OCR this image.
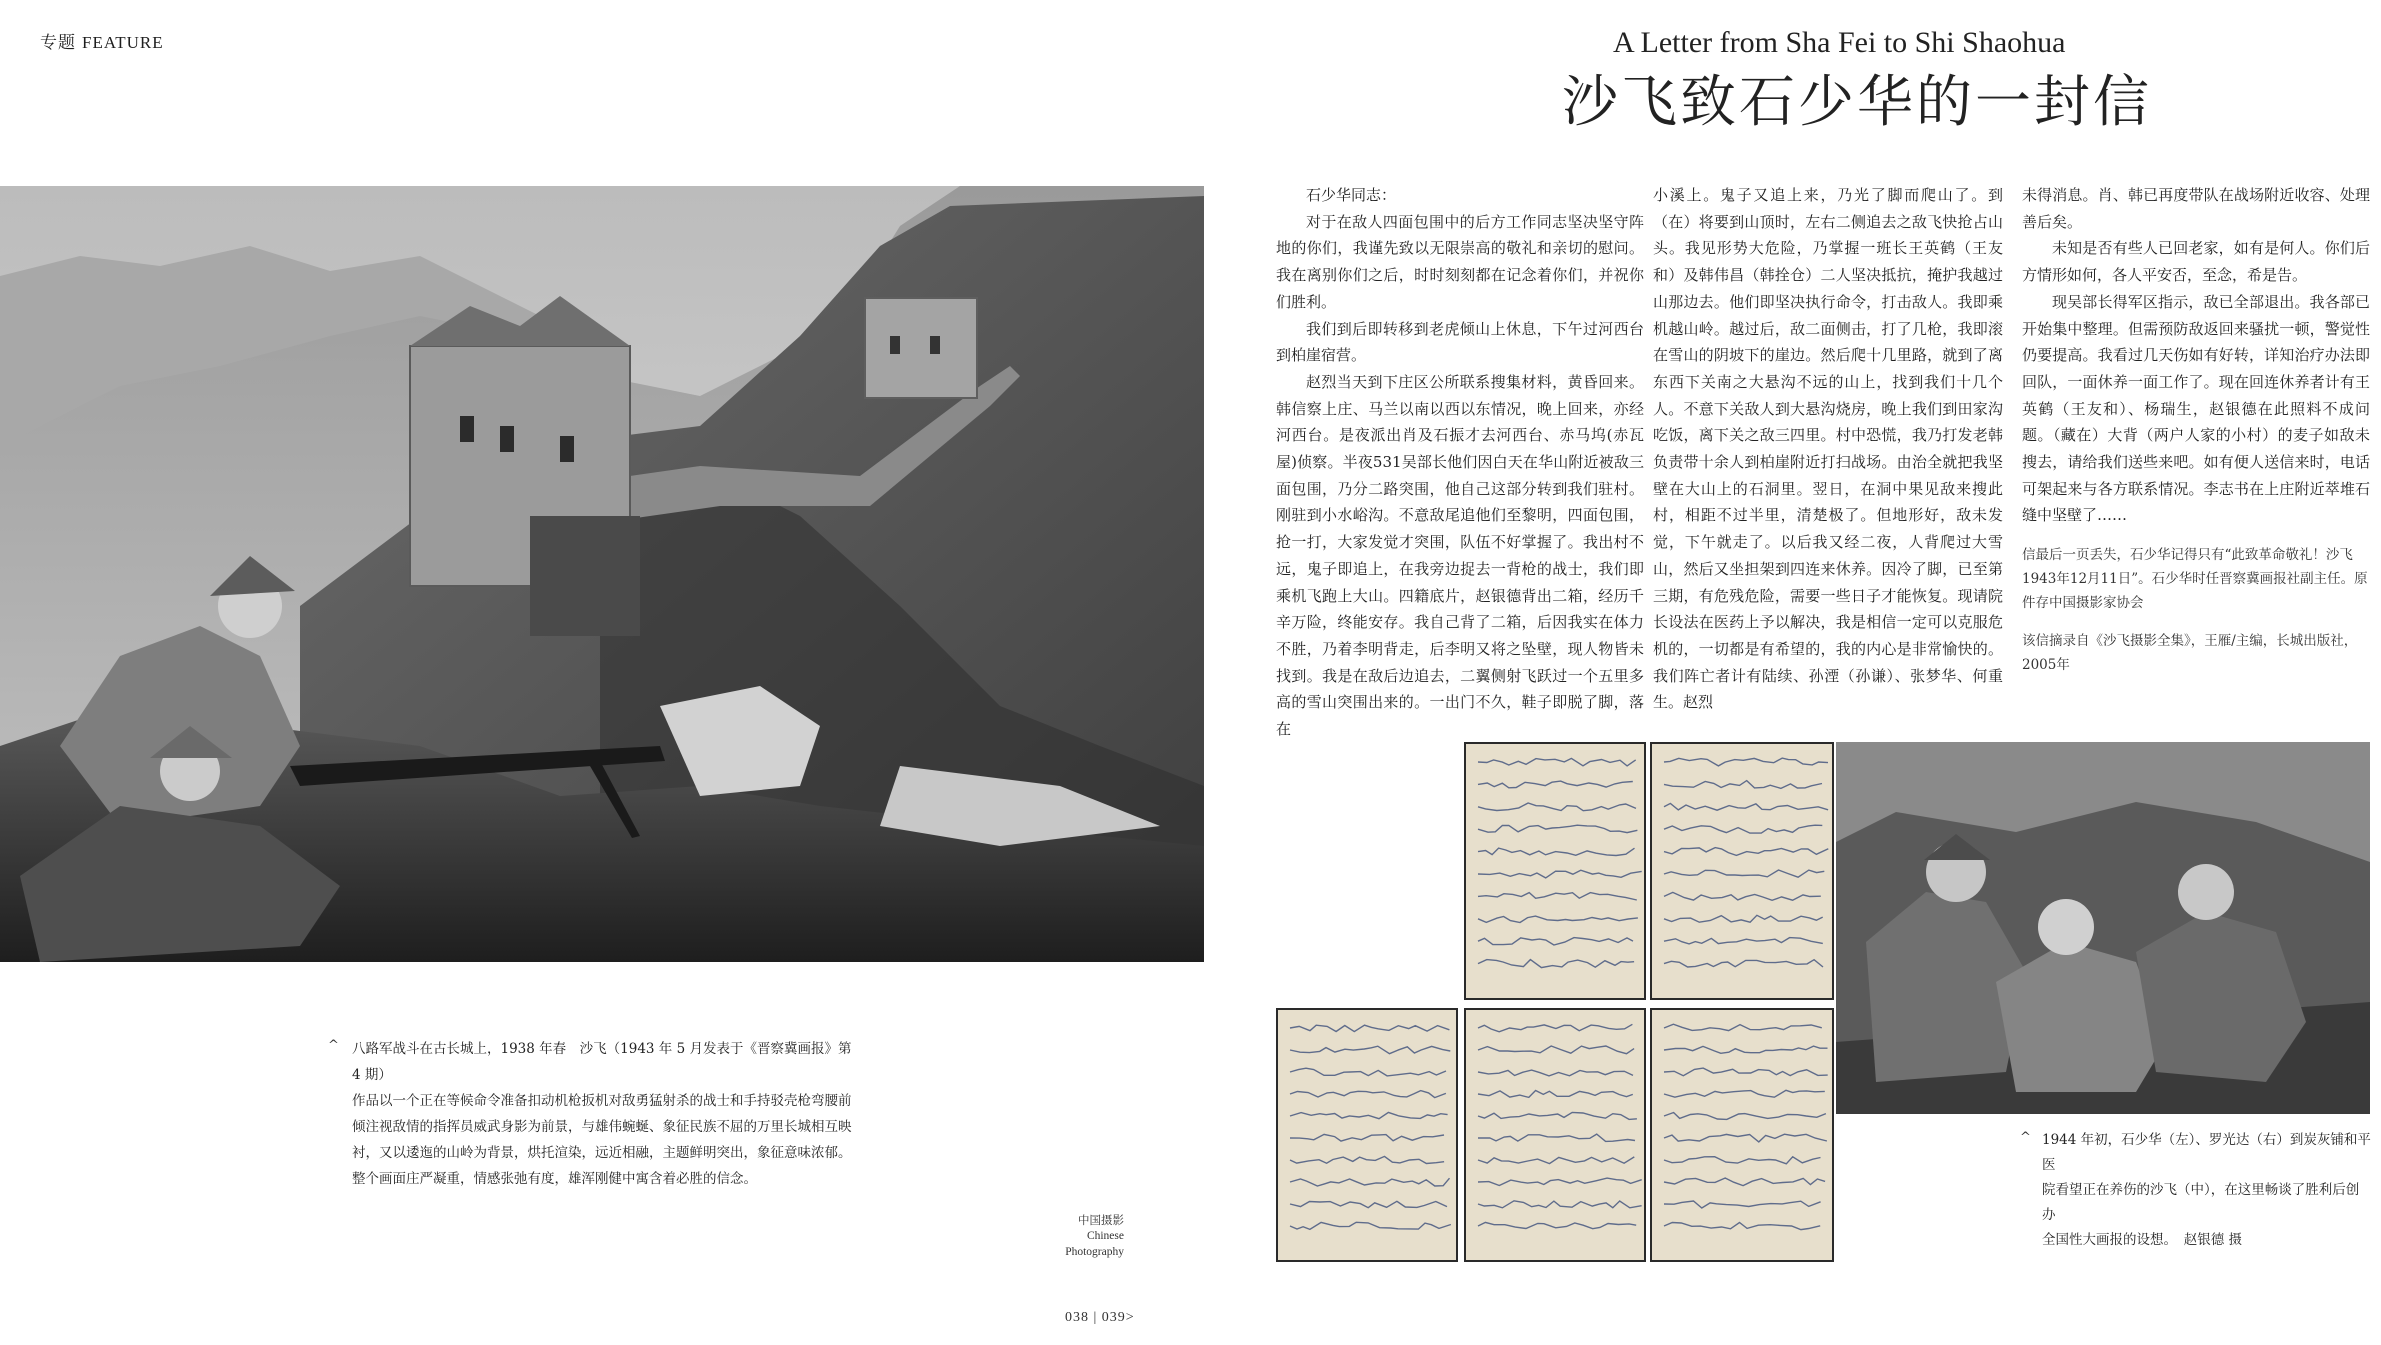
专题 FEATURE	A Letter from Sha Fei to Shi Shaohua
沙飞致石少华的一封信
^ 八路军战斗在古长城上，1938 年春　沙飞（1943 年 5 月发表于《晋察冀画报》第 4 期）
作品以一个正在等候命令准备扣动机枪扳机对敌勇猛射杀的战士和手持驳壳枪弯腰前
倾注视敌情的指挥员威武身影为前景，与雄伟蜿蜒、象征民族不屈的万里长城相互映
衬，又以逶迤的山岭为背景，烘托渲染，远近相融，主题鲜明突出，象征意味浓郁。
整个画面庄严凝重，情感张弛有度，雄浑刚健中寓含着必胜的信念。
中国摄影
Chinese
Photography
038 | 039>

石少华同志：

对于在敌人四面包围中的后方工作同志坚决坚守阵地的你们，我谨先致以无限崇高的敬礼和亲切的慰问。我在离别你们之后，时时刻刻都在记念着你们，并祝你们胜利。

我们到后即转移到老虎倾山上休息，下午过河西台到柏崖宿营。

赵烈当天到下庄区公所联系搜集材料，黄昏回来。韩信察上庄、马兰以南以西以东情况，晚上回来，亦经河西台。是夜派出肖及石振才去河西台、赤马坞(赤瓦屋)侦察。半夜531吴部长他们因白天在华山附近被敌三面包围，乃分二路突围，他自己这部分转到我们驻村。刚驻到小水峪沟。不意敌尾追他们至黎明，四面包围，抢一打，大家发觉才突围，队伍不好掌握了。我出村不远，鬼子即追上，在我旁边捉去一背枪的战士，我们即乘机飞跑上大山。四籍底片，赵银德背出二箱，经历千辛万险，终能安存。我自己背了二箱，后因我实在体力不胜，乃着李明背走，后李明又将之坠壁，现人物皆未找到。我是在敌后边追去，二翼侧射飞跃过一个五里多高的雪山突围出来的。一出门不久，鞋子即脱了脚，落在

小溪上。鬼子又追上来，乃光了脚而爬山了。到（在）将要到山顶时，左右二侧追去之敌飞快抢占山头。我见形势大危险，乃掌握一班长王英鹤（王友和）及韩伟昌（韩拴仓）二人坚决抵抗，掩护我越过山那边去。他们即坚决执行命令，打击敌人。我即乘机越山岭。越过后，敌二面侧击，打了几枪，我即滚在雪山的阴坡下的崖边。然后爬十几里路，就到了离东西下关南之大悬沟不远的山上，找到我们十几个人。不意下关敌人到大悬沟烧房，晚上我们到田家沟吃饭，离下关之敌三四里。村中恐慌，我乃打发老韩负责带十余人到柏崖附近打扫战场。由治全就把我坚壁在大山上的石洞里。翌日，在洞中果见敌来搜此村，相距不过半里，清楚极了。但地形好，敌未发觉，下午就走了。以后我又经二夜，人背爬过大雪山，然后又坐担架到四连来休养。因冷了脚，已至第三期，有危残危险，需要一些日子才能恢复。现请院长设法在医药上予以解决，我是相信一定可以克服危机的，一切都是有希望的，我的内心是非常愉快的。我们阵亡者计有陆续、孙湮（孙谦）、张梦华、何重生。赵烈

未得消息。肖、韩已再度带队在战场附近收容、处理善后矣。

未知是否有些人已回老家，如有是何人。你们后方情形如何，各人平安否，至念，希是告。

现吴部长得军区指示，敌已全部退出。我各部已开始集中整理。但需预防敌返回来骚扰一顿，警觉性仍要提高。我看过几天伤如有好转，详知治疗办法即回队，一面休养一面工作了。现在回连休养者计有王英鹤（王友和）、杨瑞生，赵银德在此照料不成问题。（藏在）大背（两户人家的小村）的麦子如敌未搜去，请给我们送些来吧。如有便人送信来时，电话可架起来与各方联系情况。李志书在上庄附近萃堆石缝中坚壁了……

信最后一页丢失，石少华记得只有“此致革命敬礼！沙飞 1943年12月11日”。石少华时任晋察冀画报社副主任。原件存中国摄影家协会
该信摘录自《沙飞摄影全集》，王雁/主编，长城出版社，2005年
^ 1944 年初，石少华（左）、罗光达（右）到炭灰铺和平医
院看望正在养伤的沙飞（中），在这里畅谈了胜利后创办
全国性大画报的设想。　赵银德 摄
